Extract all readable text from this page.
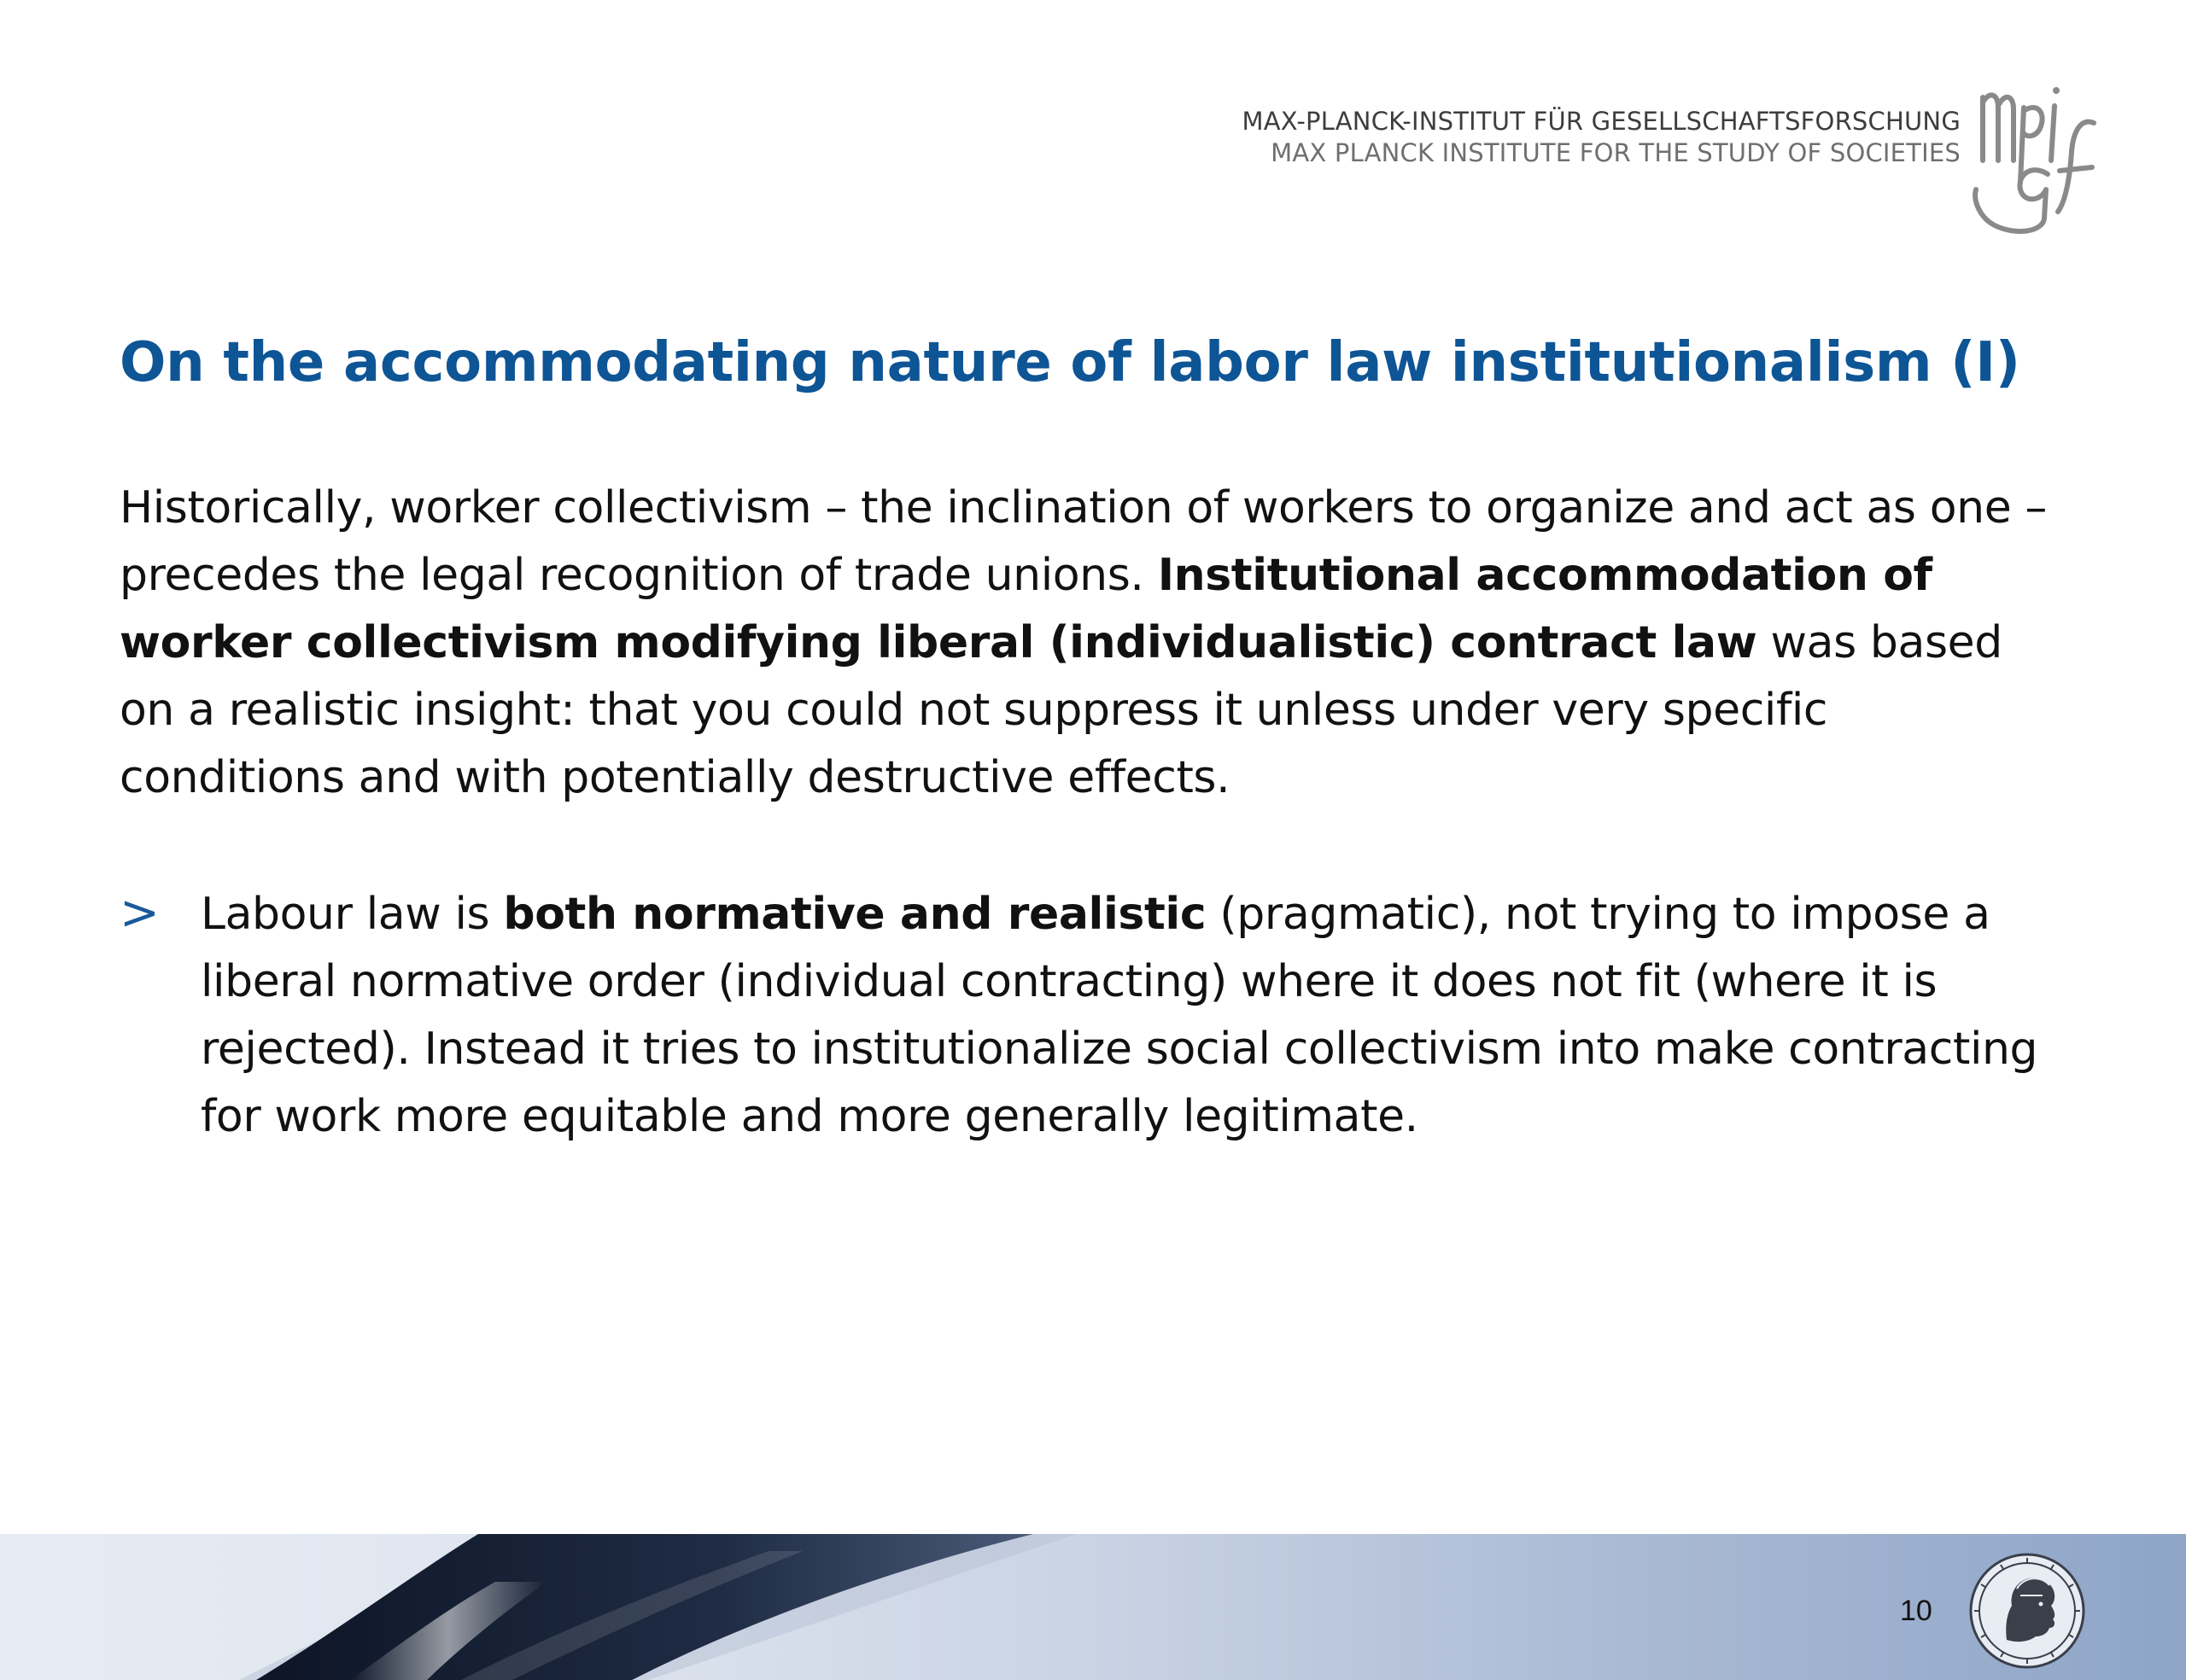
MAX-PLANCK-INSTITUT FÜR GESELLSCHAFTSFORSCHUNG
MAX PLANCK INSTITUTE FOR THE STUDY OF SOCIETIES
On the accommodating nature of labor law institutionalism (I)

Historically, worker collectivism – the inclination of workers to organize and act as one – precedes the legal recognition of trade unions. Institutional accommodation of worker collectivism modifying liberal (individualistic) contract law was based on a realistic insight: that you could not suppress it unless under very specific conditions and with potentially destructive effects.

> Labour law is both normative and realistic (pragmatic), not trying to impose a liberal normative order (individual contracting) where it does not fit (where it is rejected). Instead it tries to institutionalize social collectivism into make contracting for work more equitable and more generally legitimate.

10
